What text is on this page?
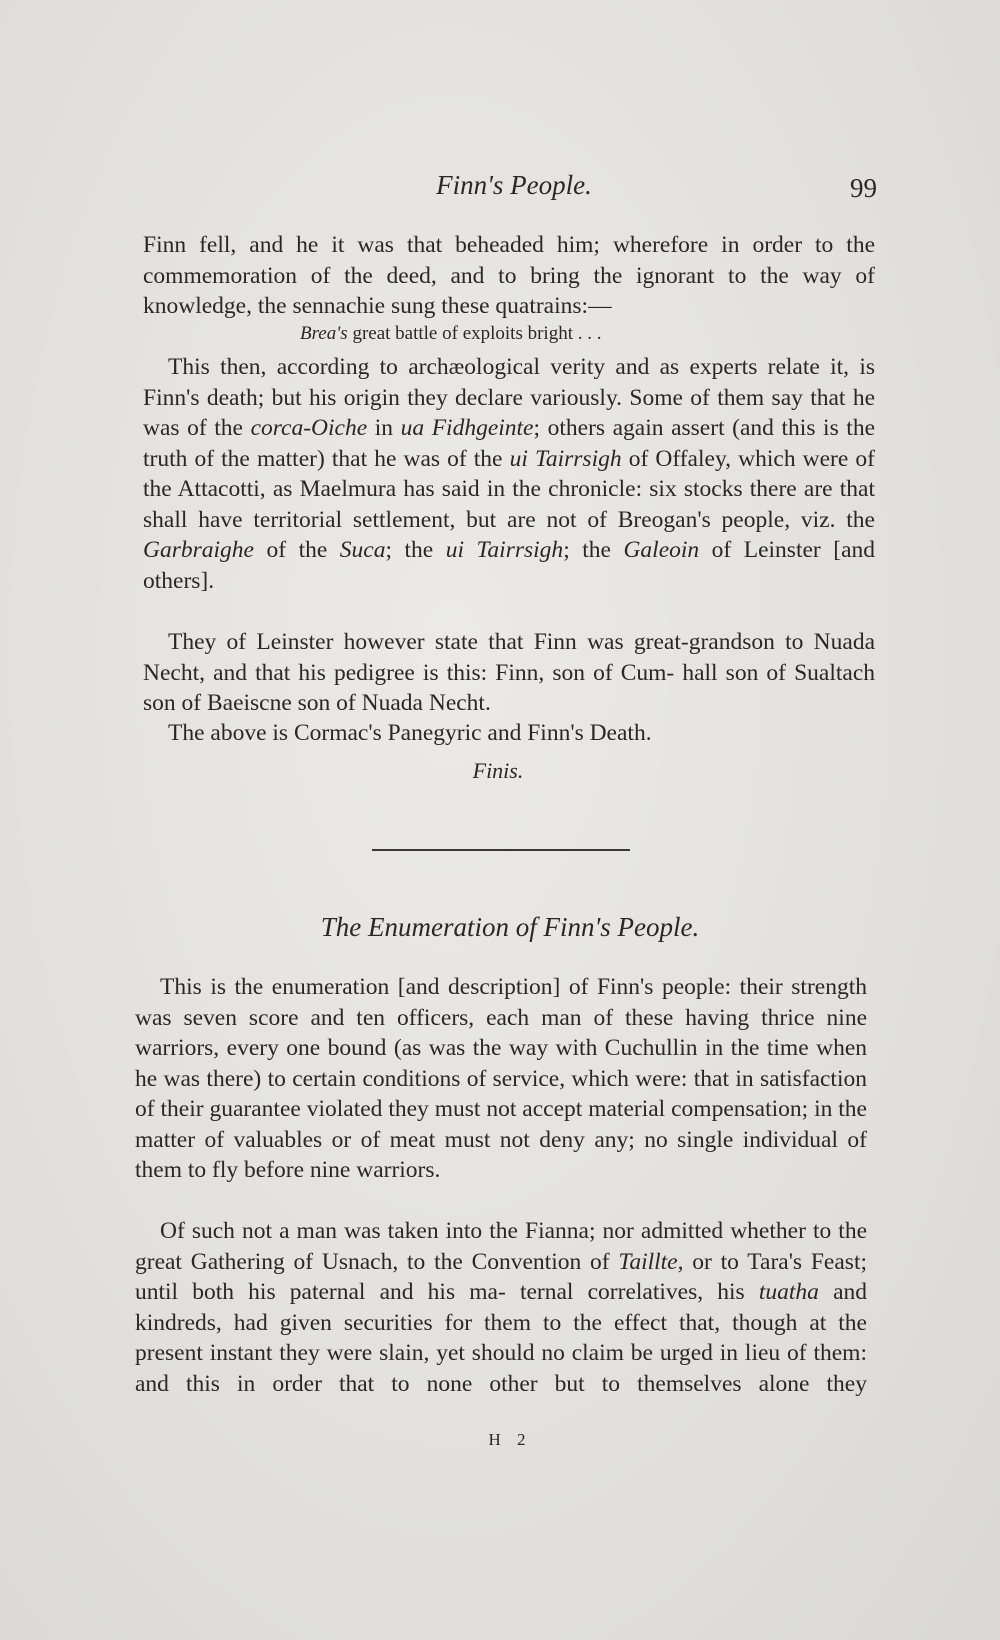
Finn's People.	99

Finn fell, and he it was that beheaded him; wherefore in order to the commemoration of the deed, and to bring the ignorant to the way of knowledge, the sennachie sung these quatrains:—

Brea's great battle of exploits bright . . .

This then, according to archæological verity and as experts relate it, is Finn's death; but his origin they declare variously. Some of them say that he was of the corca-Oiche in ua Fidhgeinte; others again assert (and this is the truth of the matter) that he was of the ui Tairrsigh of Offaley, which were of the Attacotti, as Maelmura has said in the chronicle: six stocks there are that shall have territorial settlement, but are not of Breogan's people, viz. the Garbraighe of the Suca; the ui Tairrsigh; the Galeoin of Leinster [and others].

They of Leinster however state that Finn was great-grandson to Nuada Necht, and that his pedigree is this: Finn, son of Cum- hall son of Sualtach son of Baeiscne son of Nuada Necht.

The above is Cormac's Panegyric and Finn's Death.

Finis.
The Enumeration of Finn's People.

This is the enumeration [and description] of Finn's people: their strength was seven score and ten officers, each man of these having thrice nine warriors, every one bound (as was the way with Cuchullin in the time when he was there) to certain conditions of service, which were: that in satisfaction of their guarantee violated they must not accept material compensation; in the matter of valuables or of meat must not deny any; no single individual of them to fly before nine warriors.

Of such not a man was taken into the Fianna; nor admitted whether to the great Gathering of Usnach, to the Convention of Taillte, or to Tara's Feast; until both his paternal and his ma- ternal correlatives, his tuatha and kindreds, had given securities for them to the effect that, though at the present instant they were slain, yet should no claim be urged in lieu of them: and this in order that to none other but to themselves alone they

H 2
